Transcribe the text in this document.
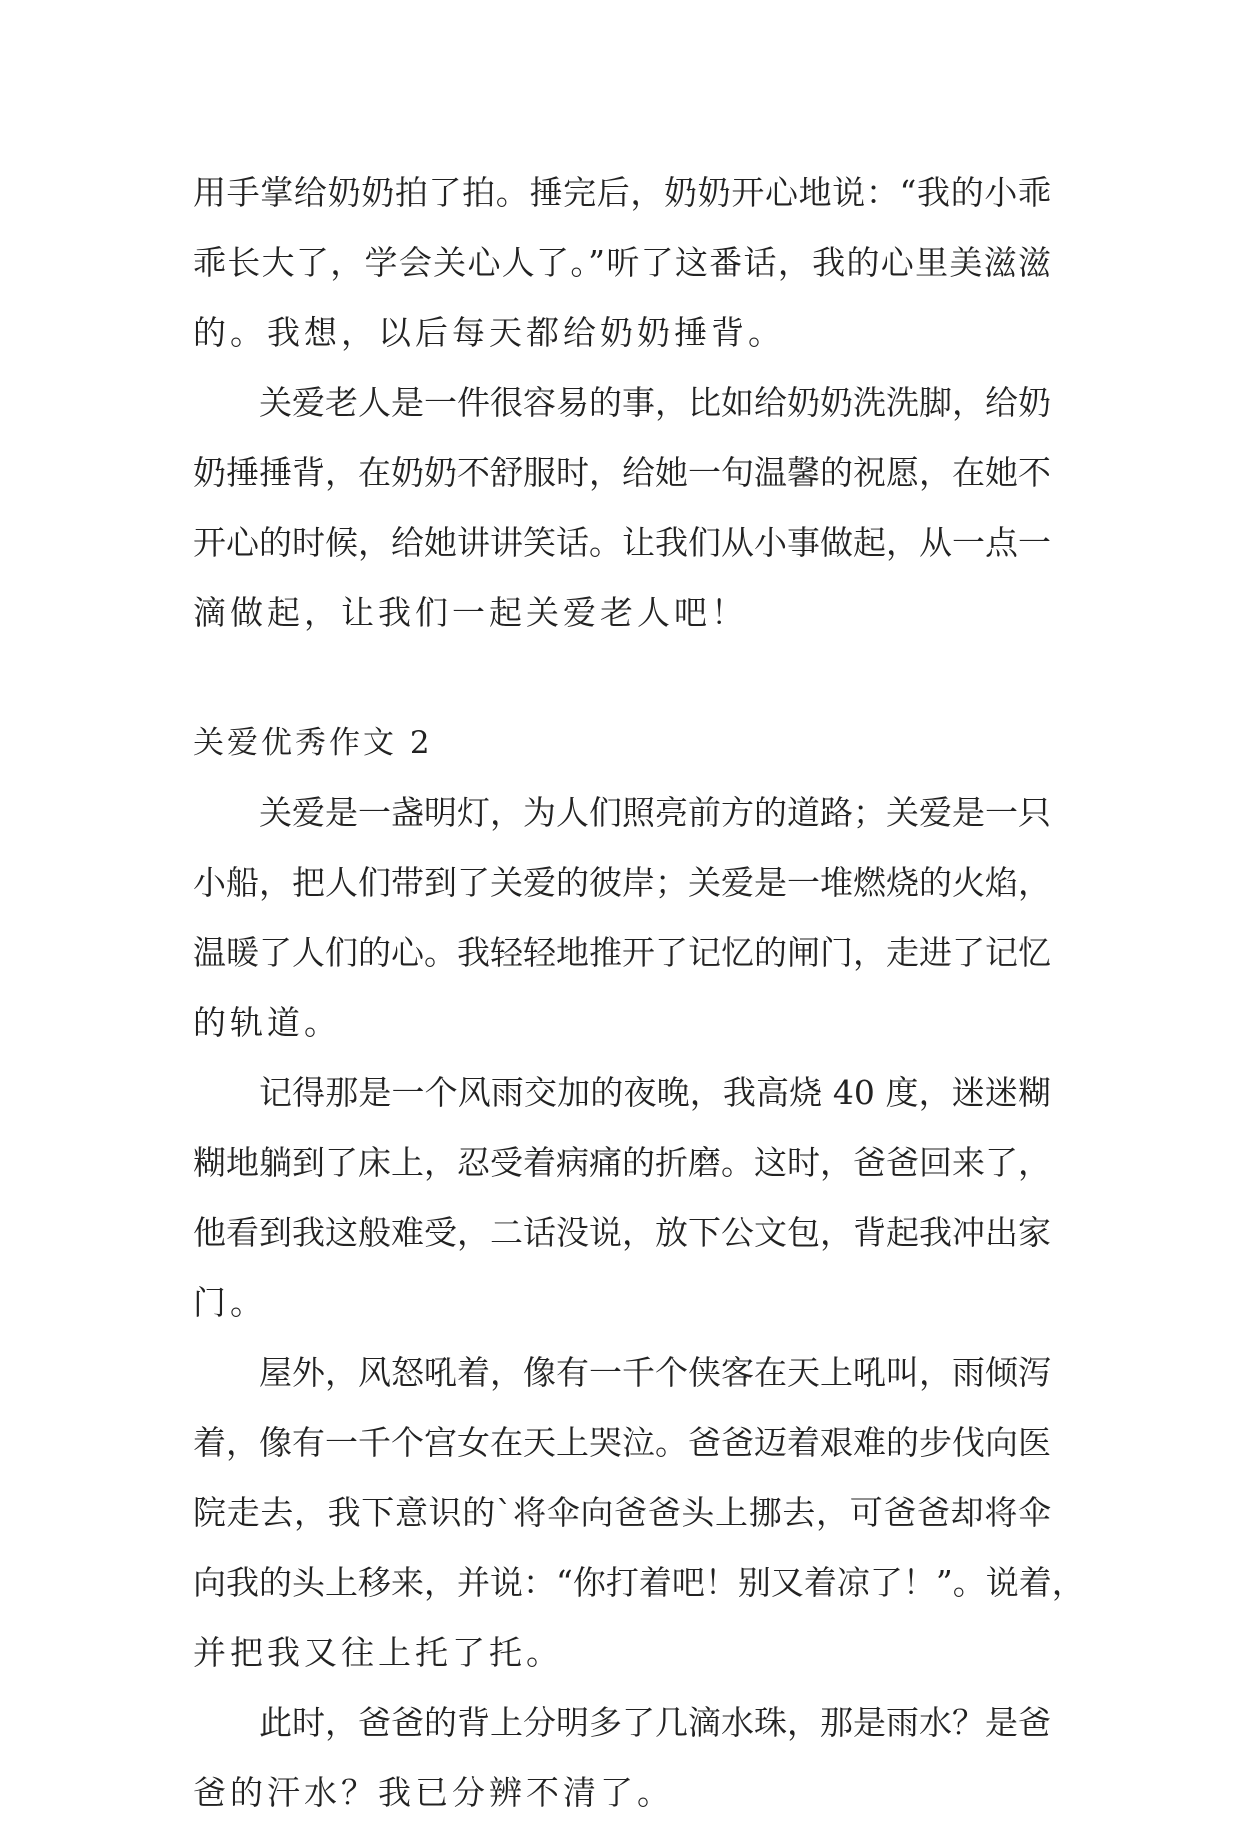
用手掌给奶奶拍了拍。捶完后，奶奶开心地说：“我的小乖

乖长大了，学会关心人了。”听了这番话，我的心里美滋滋

的。我想，以后每天都给奶奶捶背。

关爱老人是一件很容易的事，比如给奶奶洗洗脚，给奶

奶捶捶背，在奶奶不舒服时，给她一句温馨的祝愿，在她不

开心的时候，给她讲讲笑话。让我们从小事做起，从一点一

滴做起，让我们一起关爱老人吧！

关爱优秀作文 2

关爱是一盏明灯，为人们照亮前方的道路；关爱是一只

小船，把人们带到了关爱的彼岸；关爱是一堆燃烧的火焰，

温暖了人们的心。我轻轻地推开了记忆的闸门，走进了记忆

的轨道。

记得那是一个风雨交加的夜晚，我高烧 40 度，迷迷糊

糊地躺到了床上，忍受着病痛的折磨。这时，爸爸回来了，

他看到我这般难受，二话没说，放下公文包，背起我冲出家

门。

屋外，风怒吼着，像有一千个侠客在天上吼叫，雨倾泻

着，像有一千个宫女在天上哭泣。爸爸迈着艰难的步伐向医

院走去，我下意识的`将伞向爸爸头上挪去，可爸爸却将伞

向我的头上移来，并说：“你打着吧！别又着凉了！”。说着，

并把我又往上托了托。

此时，爸爸的背上分明多了几滴水珠，那是雨水？是爸

爸的汗水？我已分辨不清了。
